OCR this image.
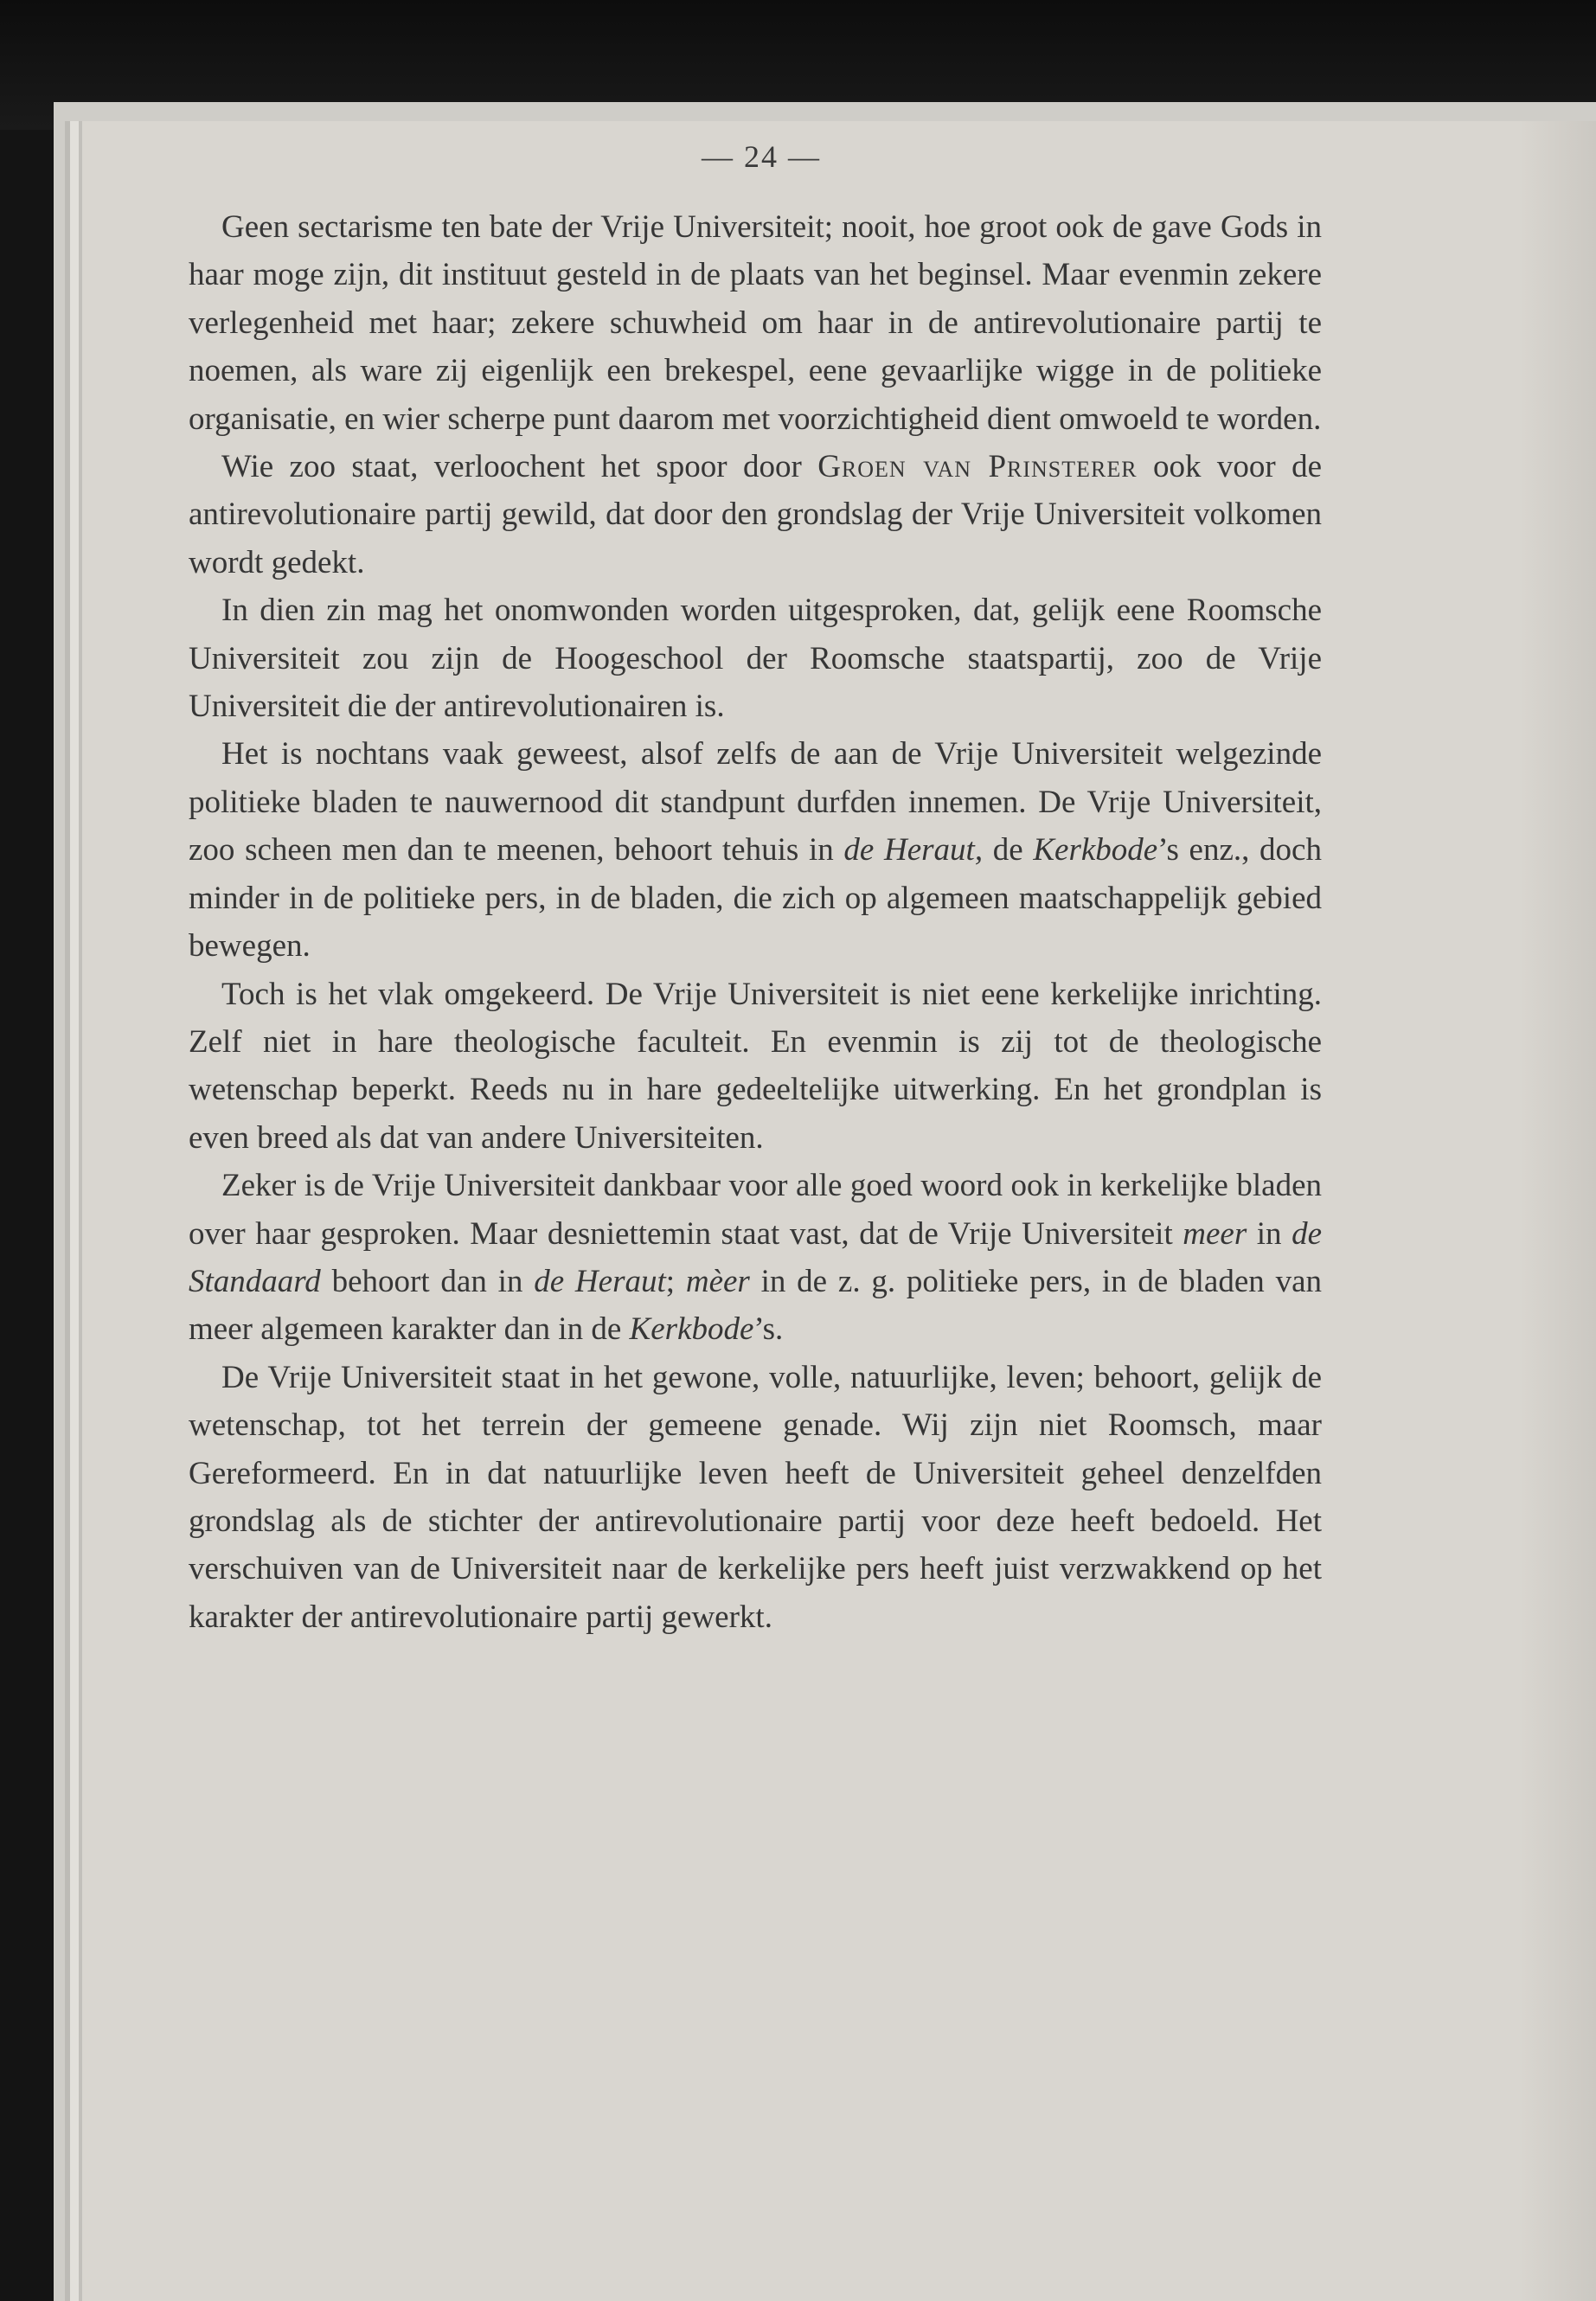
— 24 —

Geen sectarisme ten bate der Vrije Universiteit; nooit, hoe groot ook de gave Gods in haar moge zijn, dit instituut gesteld in de plaats van het beginsel. Maar evenmin zekere verlegenheid met haar; zekere schuwheid om haar in de antirevolutionaire partij te noemen, als ware zij eigenlijk een brekespel, eene gevaarlijke wigge in de politieke organisatie, en wier scherpe punt daarom met voorzichtigheid dient omwoeld te worden.

Wie zoo staat, verloochent het spoor door Groen van Prinsterer ook voor de antirevolutionaire partij gewild, dat door den grondslag der Vrije Universiteit volkomen wordt gedekt.

In dien zin mag het onomwonden worden uitgesproken, dat, gelijk eene Roomsche Universiteit zou zijn de Hoogeschool der Roomsche staatspartij, zoo de Vrije Universiteit die der antirevolutionairen is.

Het is nochtans vaak geweest, alsof zelfs de aan de Vrije Universiteit welgezinde politieke bladen te nauwernood dit standpunt durfden innemen. De Vrije Universiteit, zoo scheen men dan te meenen, behoort tehuis in de Heraut, de Kerkbode’s enz., doch minder in de politieke pers, in de bladen, die zich op algemeen maatschappelijk gebied bewegen.

Toch is het vlak omgekeerd. De Vrije Universiteit is niet eene kerkelijke inrichting. Zelf niet in hare theologische faculteit. En evenmin is zij tot de theologische wetenschap beperkt. Reeds nu in hare gedeeltelijke uitwerking. En het grondplan is even breed als dat van andere Universiteiten.

Zeker is de Vrije Universiteit dankbaar voor alle goed woord ook in kerkelijke bladen over haar gesproken. Maar desniettemin staat vast, dat de Vrije Universiteit meer in de Standaard behoort dan in de Heraut; mèer in de z. g. politieke pers, in de bladen van meer algemeen karakter dan in de Kerkbode’s.

De Vrije Universiteit staat in het gewone, volle, natuurlijke, leven; behoort, gelijk de wetenschap, tot het terrein der gemeene genade. Wij zijn niet Roomsch, maar Gereformeerd. En in dat natuurlijke leven heeft de Universiteit geheel denzelfden grondslag als de stichter der antirevolutionaire partij voor deze heeft bedoeld. Het verschuiven van de Universiteit naar de kerkelijke pers heeft juist verzwakkend op het karakter der antirevolutionaire partij gewerkt.
